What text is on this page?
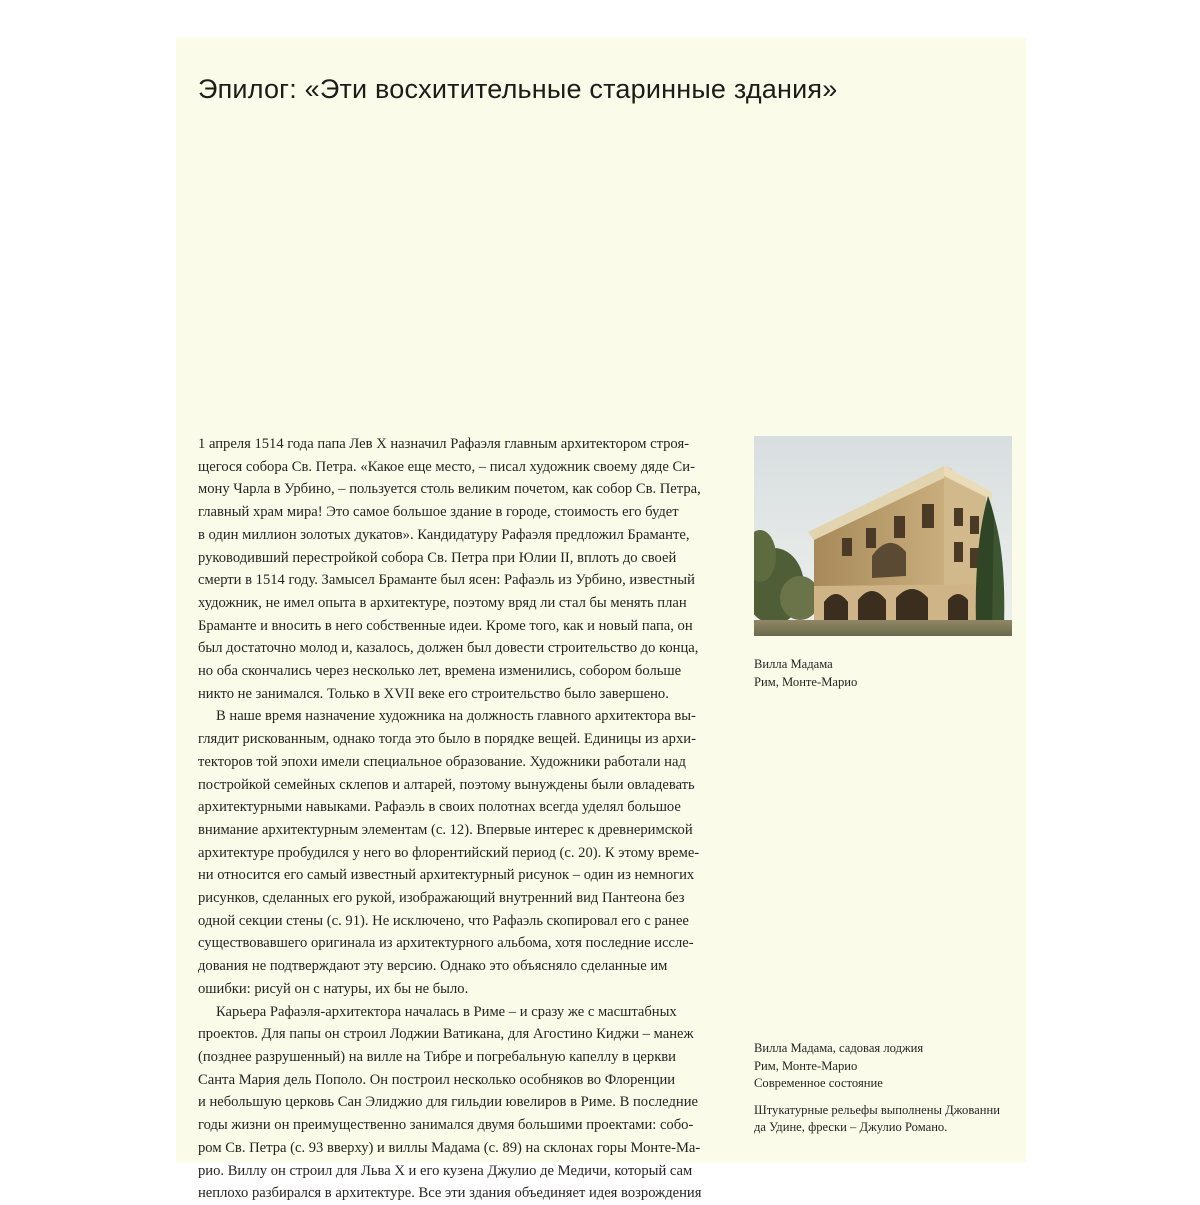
Эпилог: «Эти восхитительные старинные здания»
1 апреля 1514 года папа Лев X назначил Рафаэля главным архитектором строя-
щегося собора Св. Петра. «Какое еще место, – писал художник своему дяде Си-
мону Чарла в Урбино, – пользуется столь великим почетом, как собор Св. Петра,
главный храм мира! Это самое большое здание в городе, стоимость его будет
в один миллион золотых дукатов». Кандидатуру Рафаэля предложил Браманте,
руководивший перестройкой собора Св. Петра при Юлии II, вплоть до своей
смерти в 1514 году. Замысел Браманте был ясен: Рафаэль из Урбино, известный
художник, не имел опыта в архитектуре, поэтому вряд ли стал бы менять план
Браманте и вносить в него собственные идеи. Кроме того, как и новый папа, он
был достаточно молод и, казалось, должен был довести строительство до конца,
но оба скончались через несколько лет, времена изменились, собором больше
никто не занимался. Только в XVII веке его строительство было завершено.
В наше время назначение художника на должность главного архитектора вы-
глядит рискованным, однако тогда это было в порядке вещей. Единицы из архи-
текторов той эпохи имели специальное образование. Художники работали над
постройкой семейных склепов и алтарей, поэтому вынуждены были овладевать
архитектурными навыками. Рафаэль в своих полотнах всегда уделял большое
внимание архитектурным элементам (с. 12). Впервые интерес к древнеримской
архитектуре пробудился у него во флорентийский период (с. 20). К этому време-
ни относится его самый известный архитектурный рисунок – один из немногих
рисунков, сделанных его рукой, изображающий внутренний вид Пантеона без
одной секции стены (с. 91). Не исключено, что Рафаэль скопировал его с ранее
существовавшего оригинала из архитектурного альбома, хотя последние иссле-
дования не подтверждают эту версию. Однако это объясняло сделанные им
ошибки: рисуй он с натуры, их бы не было.
Карьера Рафаэля-архитектора началась в Риме – и сразу же с масштабных
проектов. Для папы он строил Лоджии Ватикана, для Агостино Киджи – манеж
(позднее разрушенный) на вилле на Тибре и погребальную капеллу в церкви
Санта Мария дель Пополо. Он построил несколько особняков во Флоренции
и небольшую церковь Сан Элиджио для гильдии ювелиров в Риме. В последние
годы жизни он преимущественно занимался двумя большими проектами: собо-
ром Св. Петра (с. 93 вверху) и виллы Мадама (с. 89) на склонах горы Монте-Ма-
рио. Виллу он строил для Льва X и его кузена Джулио де Медичи, который сам
неплохо разбирался в архитектуре. Все эти здания объединяет идея возрождения
Вилла Мадама
Рим, Монте-Марио
Вилла Мадама, садовая лоджия
Рим, Монте-Марио
Современное состояние
Штукатурные рельефы выполнены Джованни
да Удине, фрески – Джулио Романо.
